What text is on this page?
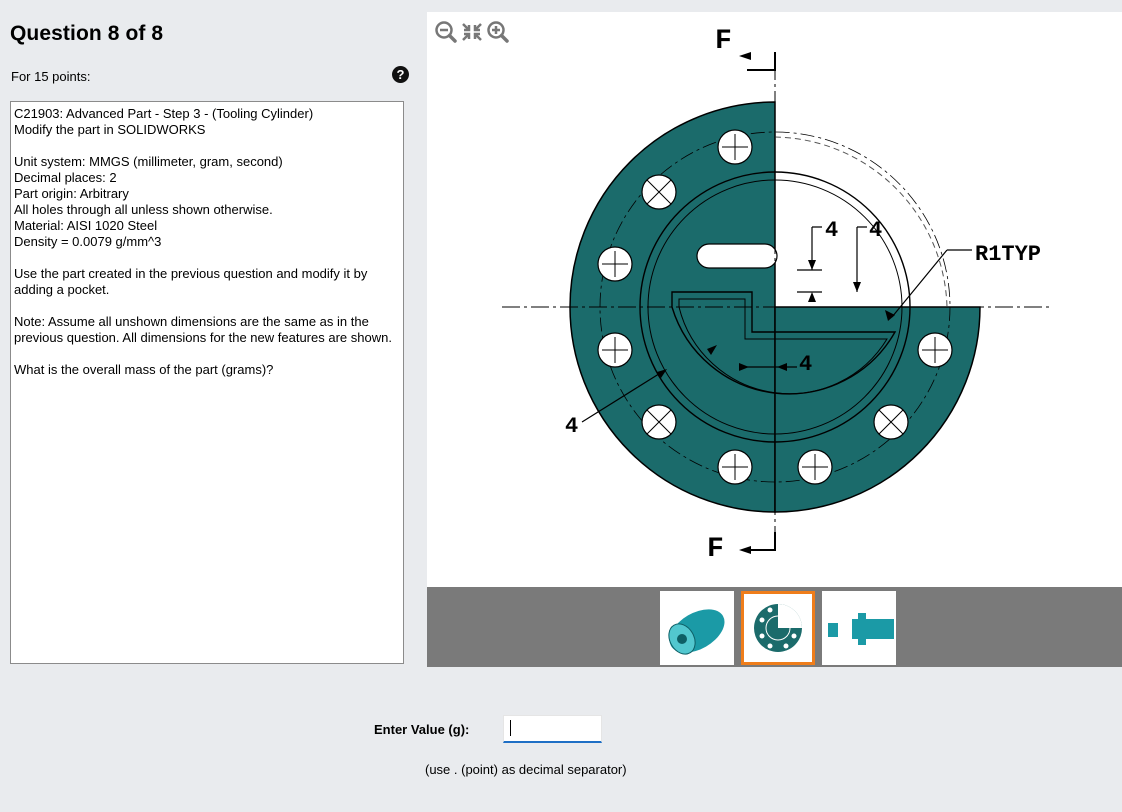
Question 8 of 8
For 15 points:	?

C21903: Advanced Part - Step 3 - (Tooling Cylinder)
Modify the part in SOLIDWORKS

Unit system: MMGS (millimeter, gram, second)
Decimal places: 2
Part origin: Arbitrary
All holes through all unless shown otherwise.
Material: AISI 1020 Steel
Density = 0.0079 g/mm^3

Use the part created in the previous question and modify it by adding a pocket.

Note: Assume all unshown dimensions are the same as in the previous question. All dimensions for the new features are shown.

What is the overall mass of the part (grams)?

F
F
4 4
4
4
R1TYP
Enter Value (g):
(use . (point) as decimal separator)
